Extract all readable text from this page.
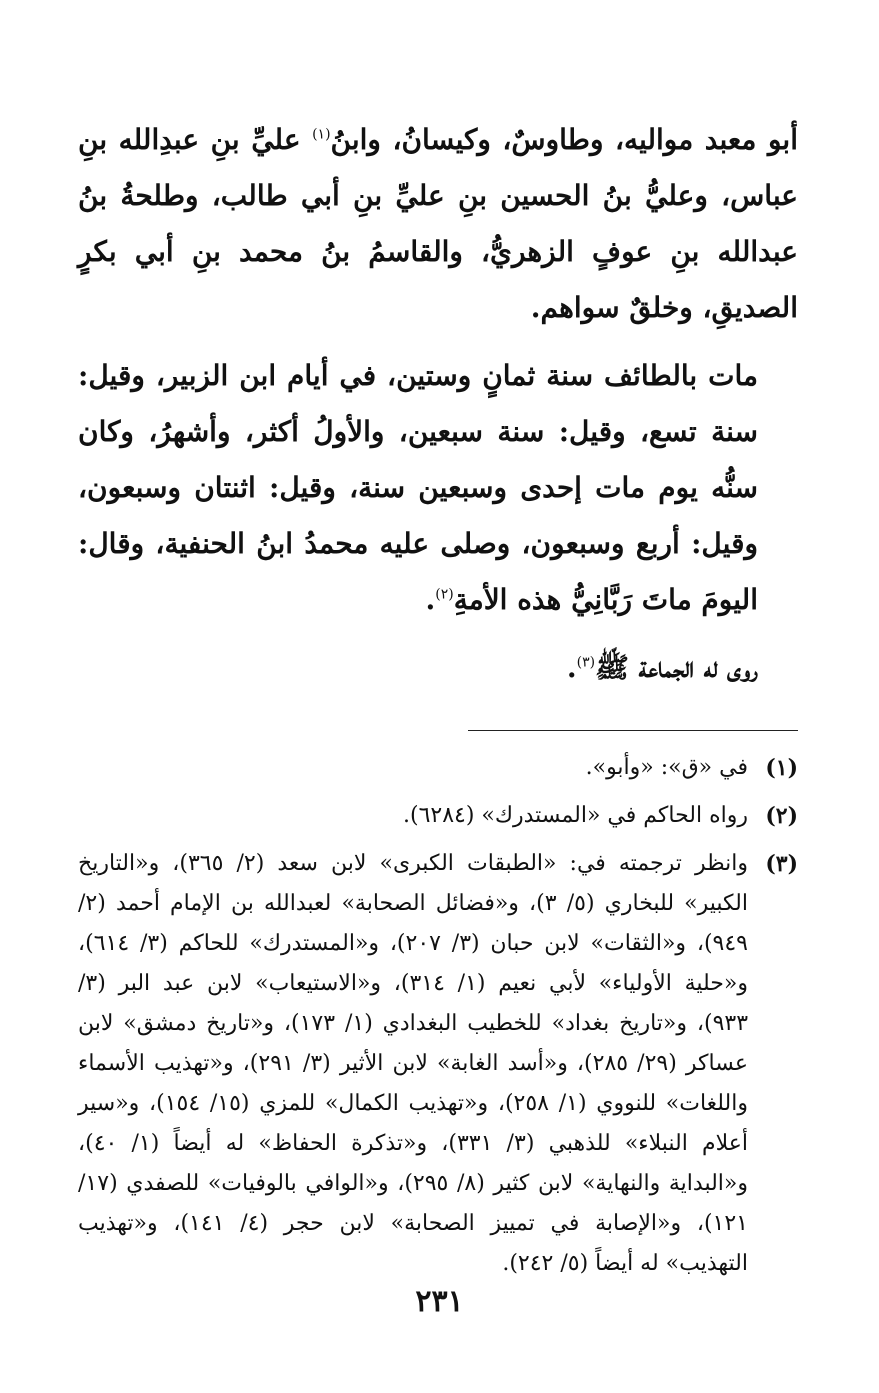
أبو معبد مواليه، وطاوسٌ، وكيسانُ، وابنُ$^{(١)}$ عليِّ بنِ عبدِالله بنِ عباس، وعليُّ بنُ الحسين بنِ عليِّ بنِ أبي طالب، وطلحةُ بنُ عبدالله بنِ عوفٍ الزهريُّ، والقاسمُ بنُ محمد بنِ أبي بكرٍ الصديقِ، وخلقٌ سواهم.

مات بالطائف سنة ثمانٍ وستين، في أيام ابن الزبير، وقيل: سنة تسع، وقيل: سنة سبعين، والأولُ أكثر، وأشهرُ، وكان سنُّه يوم مات إحدى وسبعين سنة، وقيل: اثنتان وسبعون، وقيل: أربع وسبعون، وصلى عليه محمدُ ابنُ الحنفية، وقال: اليومَ ماتَ رَبَّانِيُّ هذه الأمةِ$^{(٢)}$.

روى له الجماعة ﷺ$^{(٣)}$.

(١)
في «ق»: «وأبو».
(٢)
رواه الحاكم في «المستدرك» (٦٢٨٤).
(٣)
وانظر ترجمته في: «الطبقات الكبرى» لابن سعد (٢/ ٣٦٥)، و«التاريخ الكبير» للبخاري (٥/ ٣)، و«فضائل الصحابة» لعبدالله بن الإمام أحمد (٢/ ٩٤٩)، و«الثقات» لابن حبان (٣/ ٢٠٧)، و«المستدرك» للحاكم (٣/ ٦١٤)، و«حلية الأولياء» لأبي نعيم (١/ ٣١٤)، و«الاستيعاب» لابن عبد البر (٣/ ٩٣٣)، و«تاريخ بغداد» للخطيب البغدادي (١/ ١٧٣)، و«تاريخ دمشق» لابن عساكر (٢٩/ ٢٨٥)، و«أسد الغابة» لابن الأثير (٣/ ٢٩١)، و«تهذيب الأسماء واللغات» للنووي (١/ ٢٥٨)، و«تهذيب الكمال» للمزي (١٥/ ١٥٤)، و«سير أعلام النبلاء» للذهبي (٣/ ٣٣١)، و«تذكرة الحفاظ» له أيضاً (١/ ٤٠)، و«البداية والنهاية» لابن كثير (٨/ ٢٩٥)، و«الوافي بالوفيات» للصفدي (١٧/ ١٢١)، و«الإصابة في تمييز الصحابة» لابن حجر (٤/ ١٤١)، و«تهذيب التهذيب» له أيضاً (٥/ ٢٤٢).
٢٣١
